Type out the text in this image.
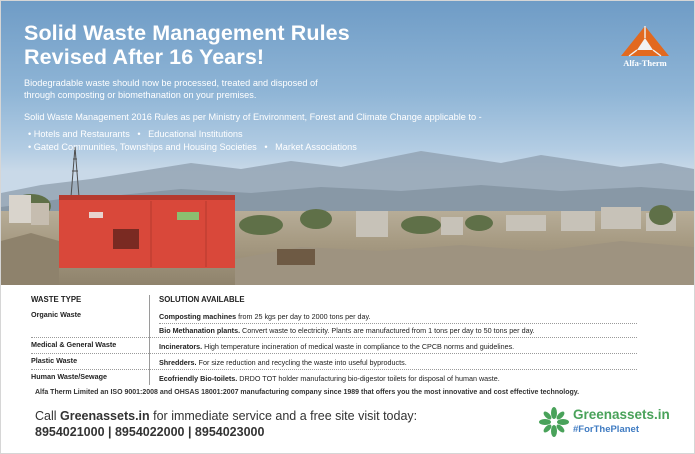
Solid Waste Management Rules
Revised After 16 Years!
Biodegradable waste should now be processed, treated and disposed of
through composting or biomethanation on your premises.

Solid Waste Management 2016 Rules as per Ministry of Environment, Forest and Climate Change applicable to -

• Hotels and Restaurants • Educational Institutions
• Gated Communities, Townships and Housing Societies • Market Associations
Alfa-Therm
WASTE TYPE	SOLUTION AVAILABLE
Organic Waste	Composting machines from 25 kgs per day to 2000 tons per day.
Bio Methanation plants. Convert waste to electricity. Plants are manufactured from 1 tons per day to 50 tons per day.
Medical & General Waste	Incinerators. High temperature incineration of medical waste in compliance to the CPCB norms and guidelines.
Plastic Waste	Shredders. For size reduction and recycling the waste into useful byproducts.
Human Waste/Sewage	Ecofriendly Bio-toilets. DRDO TOT holder manufacturing bio-digestor toilets for disposal of human waste.

Alfa Therm Limited an ISO 9001:2008 and OHSAS 18001:2007 manufacturing company since 1989 that offers you the most innovative and cost effective technology.

Call Greenassets.in for immediate service and a free site visit today:

8954021000 | 8954022000 | 8954023000

Greenassets.in

#ForThePlanet
